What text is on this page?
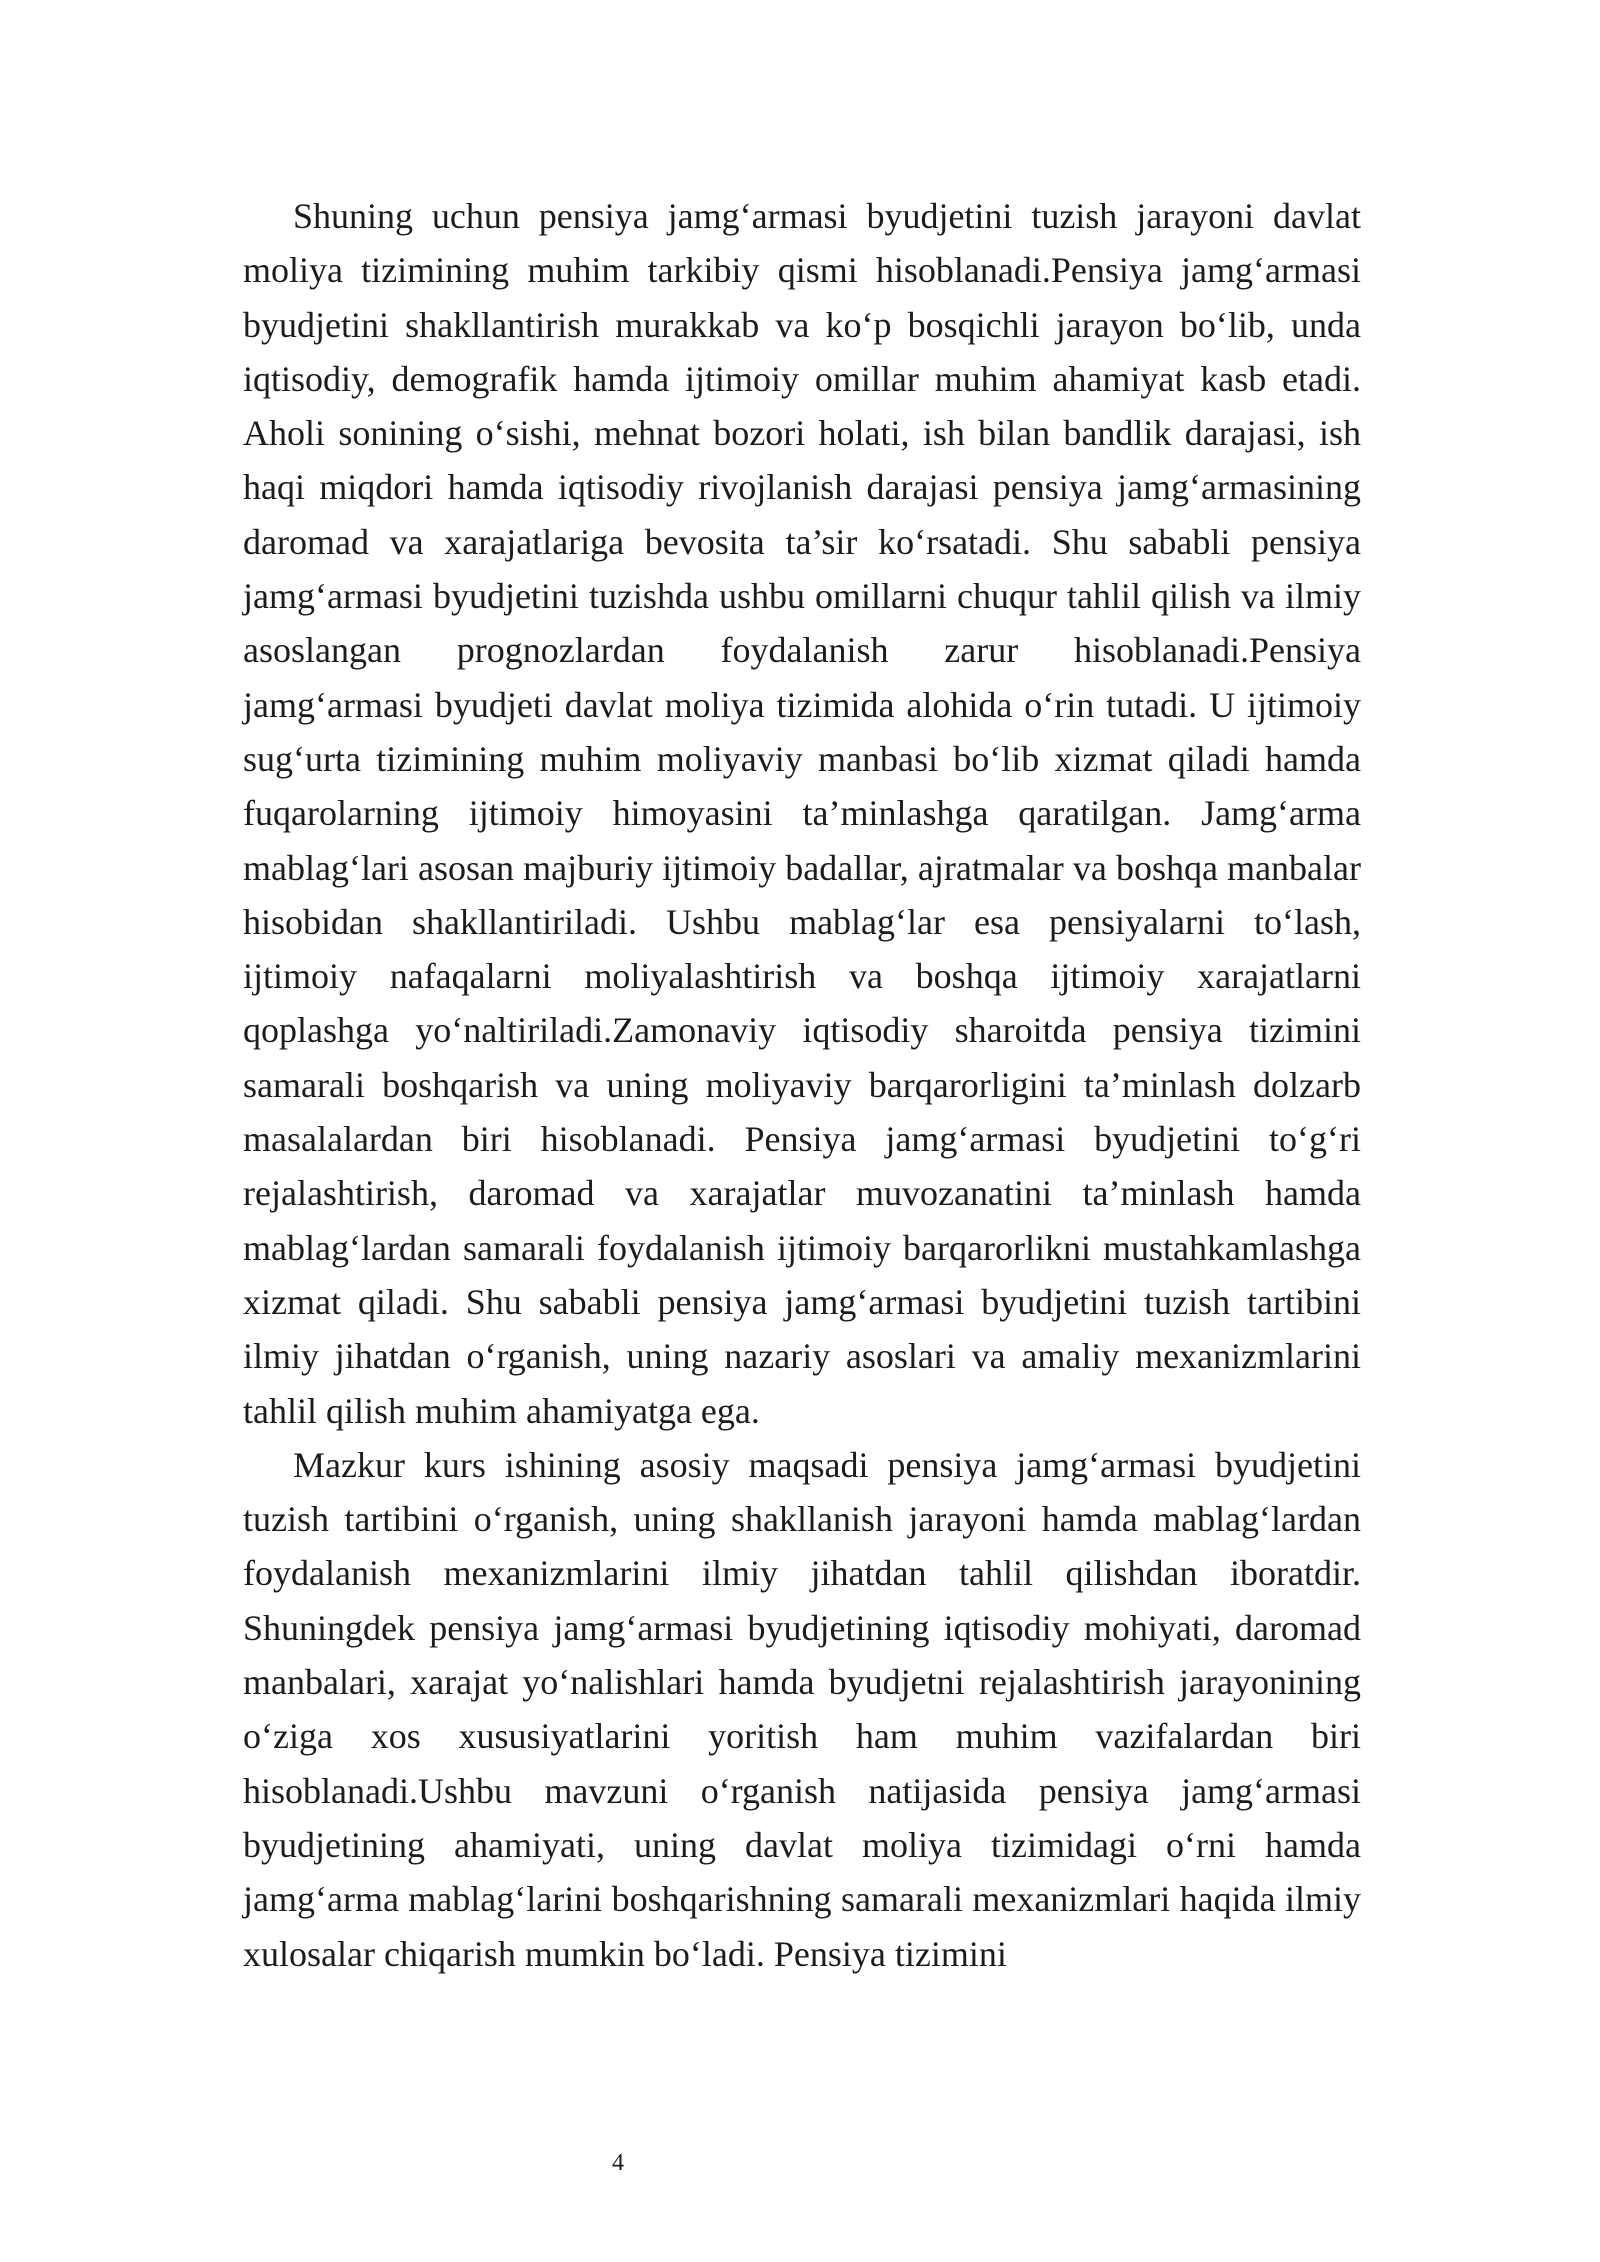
Shuning uchun pensiya jamg‘armasi byudjetini tuzish jarayoni davlat moliya tizimining muhim tarkibiy qismi hisoblanadi.Pensiya jamg‘armasi byudjetini shakllantirish murakkab va ko‘p bosqichli jarayon bo‘lib, unda iqtisodiy, demografik hamda ijtimoiy omillar muhim ahamiyat kasb etadi. Aholi sonining o‘sishi, mehnat bozori holati, ish bilan bandlik darajasi, ish haqi miqdori hamda iqtisodiy rivojlanish darajasi pensiya jamg‘armasining daromad va xarajatlariga bevosita ta’sir ko‘rsatadi. Shu sababli pensiya jamg‘armasi byudjetini tuzishda ushbu omillarni chuqur tahlil qilish va ilmiy asoslangan prognozlardan foydalanish zarur hisoblanadi.Pensiya jamg‘armasi byudjeti davlat moliya tizimida alohida o‘rin tutadi. U ijtimoiy sug‘urta tizimining muhim moliyaviy manbasi bo‘lib xizmat qiladi hamda fuqarolarning ijtimoiy himoyasini ta’minlashga qaratilgan. Jamg‘arma mablag‘lari asosan majburiy ijtimoiy badallar, ajratmalar va boshqa manbalar hisobidan shakllantiriladi. Ushbu mablag‘lar esa pensiyalarni to‘lash, ijtimoiy nafaqalarni moliyalashtirish va boshqa ijtimoiy xarajatlarni qoplashga yo‘naltiriladi.Zamonaviy iqtisodiy sharoitda pensiya tizimini samarali boshqarish va uning moliyaviy barqarorligini ta’minlash dolzarb masalalardan biri hisoblanadi. Pensiya jamg‘armasi byudjetini to‘g‘ri rejalashtirish, daromad va xarajatlar muvozanatini ta’minlash hamda mablag‘lardan samarali foydalanish ijtimoiy barqarorlikni mustahkamlashga xizmat qiladi. Shu sababli pensiya jamg‘armasi byudjetini tuzish tartibini ilmiy jihatdan o‘rganish, uning nazariy asoslari va amaliy mexanizmlarini tahlil qilish muhim ahamiyatga ega.

Mazkur kurs ishining asosiy maqsadi pensiya jamg‘armasi byudjetini tuzish tartibini o‘rganish, uning shakllanish jarayoni hamda mablag‘lardan foydalanish mexanizmlarini ilmiy jihatdan tahlil qilishdan iboratdir. Shuningdek pensiya jamg‘armasi byudjetining iqtisodiy mohiyati, daromad manbalari, xarajat yo‘nalishlari hamda byudjetni rejalashtirish jarayonining o‘ziga xos xususiyatlarini yoritish ham muhim vazifalardan biri hisoblanadi.Ushbu mavzuni o‘rganish natijasida pensiya jamg‘armasi byudjetining ahamiyati, uning davlat moliya tizimidagi o‘rni hamda jamg‘arma mablag‘larini boshqarishning samarali mexanizmlari haqida ilmiy xulosalar chiqarish mumkin bo‘ladi. Pensiya tizimini

4
